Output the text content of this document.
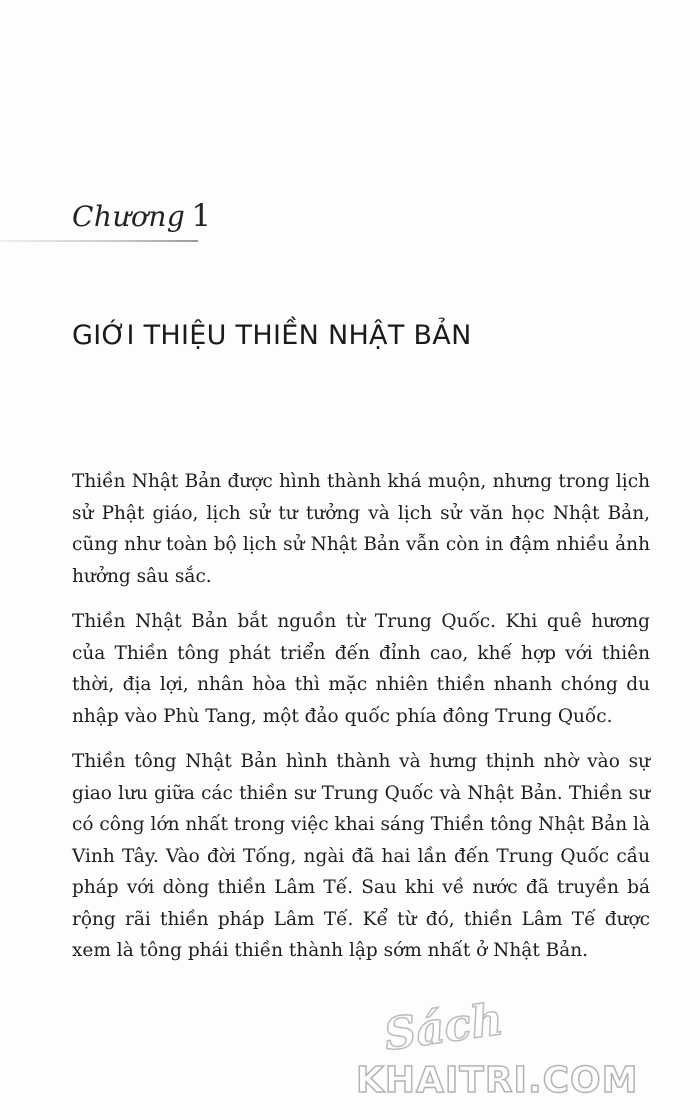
Chương 1
GIỚI THIỆU THIỀN NHẬT BẢN

Thiền Nhật Bản được hình thành khá muộn, nhưng trong lịch sử Phật giáo, lịch sử tư tưởng và lịch sử văn học Nhật Bản, cũng như toàn bộ lịch sử Nhật Bản vẫn còn in đậm nhiều ảnh hưởng sâu sắc.

Thiền Nhật Bản bắt nguồn từ Trung Quốc. Khi quê hương của Thiền tông phát triển đến đỉnh cao, khế hợp với thiên thời, địa lợi, nhân hòa thì mặc nhiên thiền nhanh chóng du nhập vào Phù Tang, một đảo quốc phía đông Trung Quốc.

Thiền tông Nhật Bản hình thành và hưng thịnh nhờ vào sự giao lưu giữa các thiền sư Trung Quốc và Nhật Bản. Thiền sư có công lớn nhất trong việc khai sáng Thiền tông Nhật Bản là Vinh Tây. Vào đời Tống, ngài đã hai lần đến Trung Quốc cầu pháp với dòng thiền Lâm Tế. Sau khi về nước đã truyền bá rộng rãi thiền pháp Lâm Tế. Kể từ đó, thiền Lâm Tế được xem là tông phái thiền thành lập sớm nhất ở Nhật Bản.

Sách
KHAITRI.COM
